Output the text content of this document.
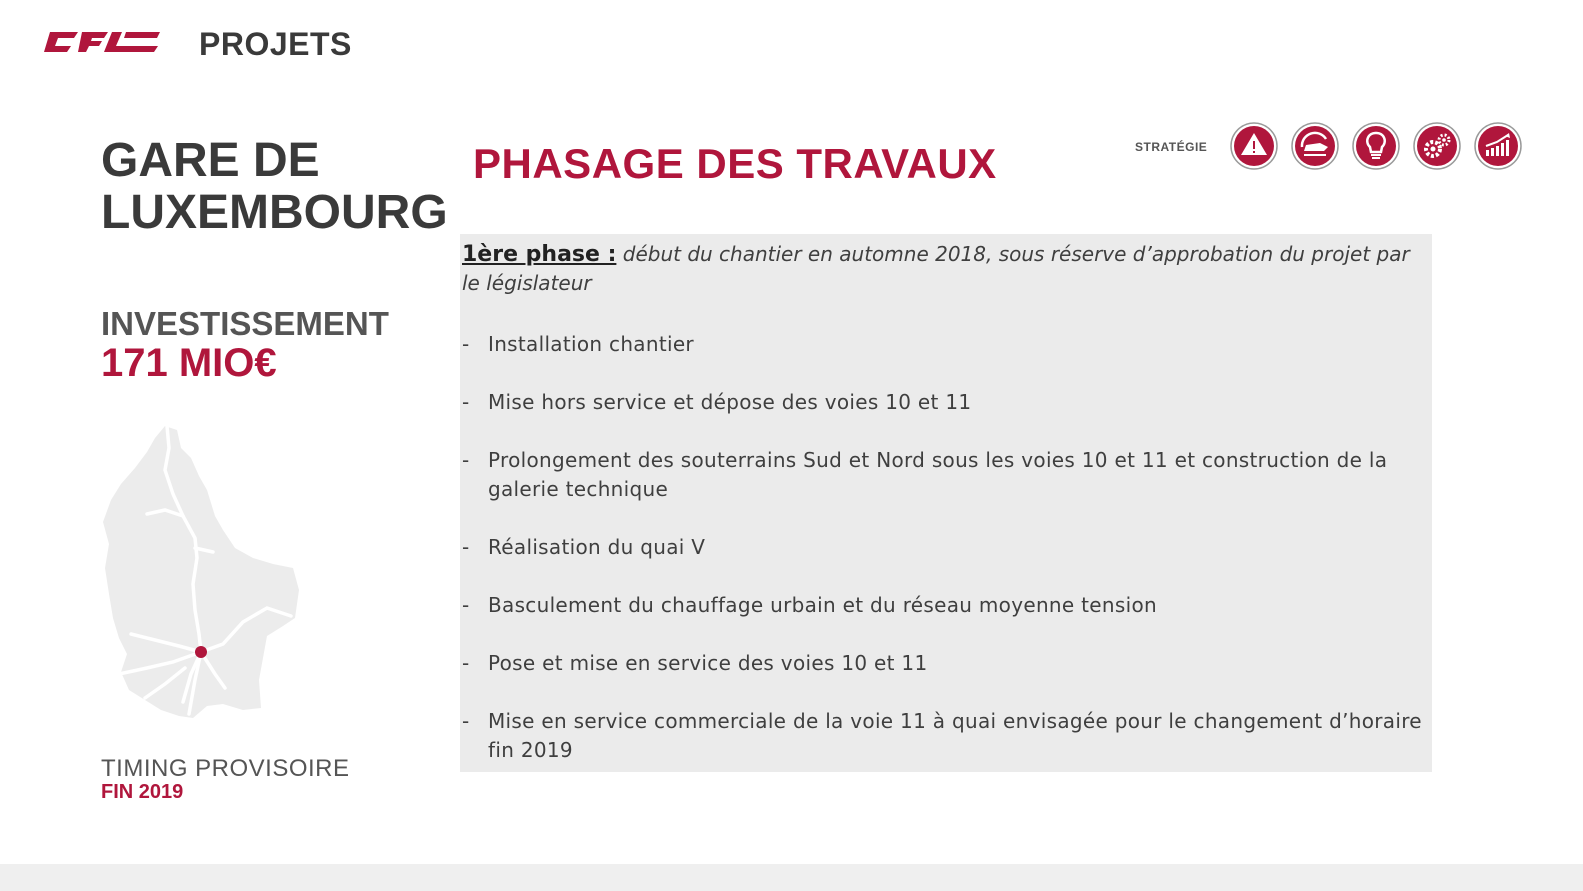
PROJETS
GARE DE
LUXEMBOURG
INVESTISSEMENT
171 MIO€
TIMING PROVISOIRE
FIN 2019
PHASAGE DES TRAVAUX	STRATÉGIE
1ère phase : début du chantier en automne 2018, sous réserve d’approbation du projet par le législateur
- Installation chantier
- Mise hors service et dépose des voies 10 et 11
- Prolongement des souterrains Sud et Nord sous les voies 10 et 11 et construction de la galerie technique
- Réalisation du quai V
- Basculement du chauffage urbain et du réseau moyenne tension
- Pose et mise en service des voies 10 et 11
- Mise en service commerciale de la voie 11 à quai envisagée pour le changement d’horaire fin 2019
